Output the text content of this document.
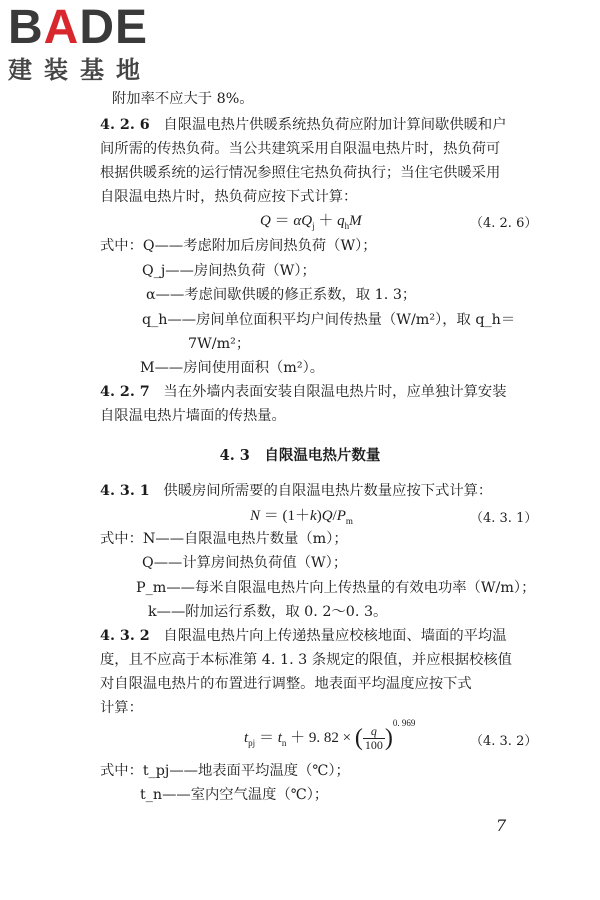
BADE
建装基地
附加率不应大于 8%。
4. 2. 6 自限温电热片供暖系统热负荷应附加计算间歇供暖和户
间所需的传热负荷。当公共建筑采用自限温电热片时，热负荷可
根据供暖系统的运行情况参照住宅热负荷执行；当住宅供暖采用
自限温电热片时，热负荷应按下式计算：
$Q = \alpha Q_j + q_hM$	（4. 2. 6）
式中：Q——考虑附加后房间热负荷（W）；
Q_j——房间热负荷（W）；
α——考虑间歇供暖的修正系数，取 1. 3；
q_h——房间单位面积平均户间传热量（W/m²），取 q_h＝
7W/m²；
M——房间使用面积（m²）。
4. 2. 7 当在外墙内表面安装自限温电热片时，应单独计算安装
自限温电热片墙面的传热量。
4. 3　自限温电热片数量
4. 3. 1 供暖房间所需要的自限温电热片数量应按下式计算：
$N = (1+k)Q/P_m$	（4. 3. 1）
式中：N——自限温电热片数量（m）；
Q——计算房间热负荷值（W）；
P_m——每米自限温电热片向上传热量的有效电功率（W/m）；
k——附加运行系数，取 0. 2～0. 3。
4. 3. 2 自限温电热片向上传递热量应校核地面、墙面的平均温
度，且不应高于本标准第 4. 1. 3 条规定的限值，并应根据校核值
对自限温电热片的布置进行调整。地表面平均温度应按下式
计算：
$t_{pj} = t_n + 9$. 82 × ( $\frac{q}{100} )^{0. 969}$
（4. 3. 2）
式中：t_pj——地表面平均温度（℃）；
t_n——室内空气温度（℃）；
7
